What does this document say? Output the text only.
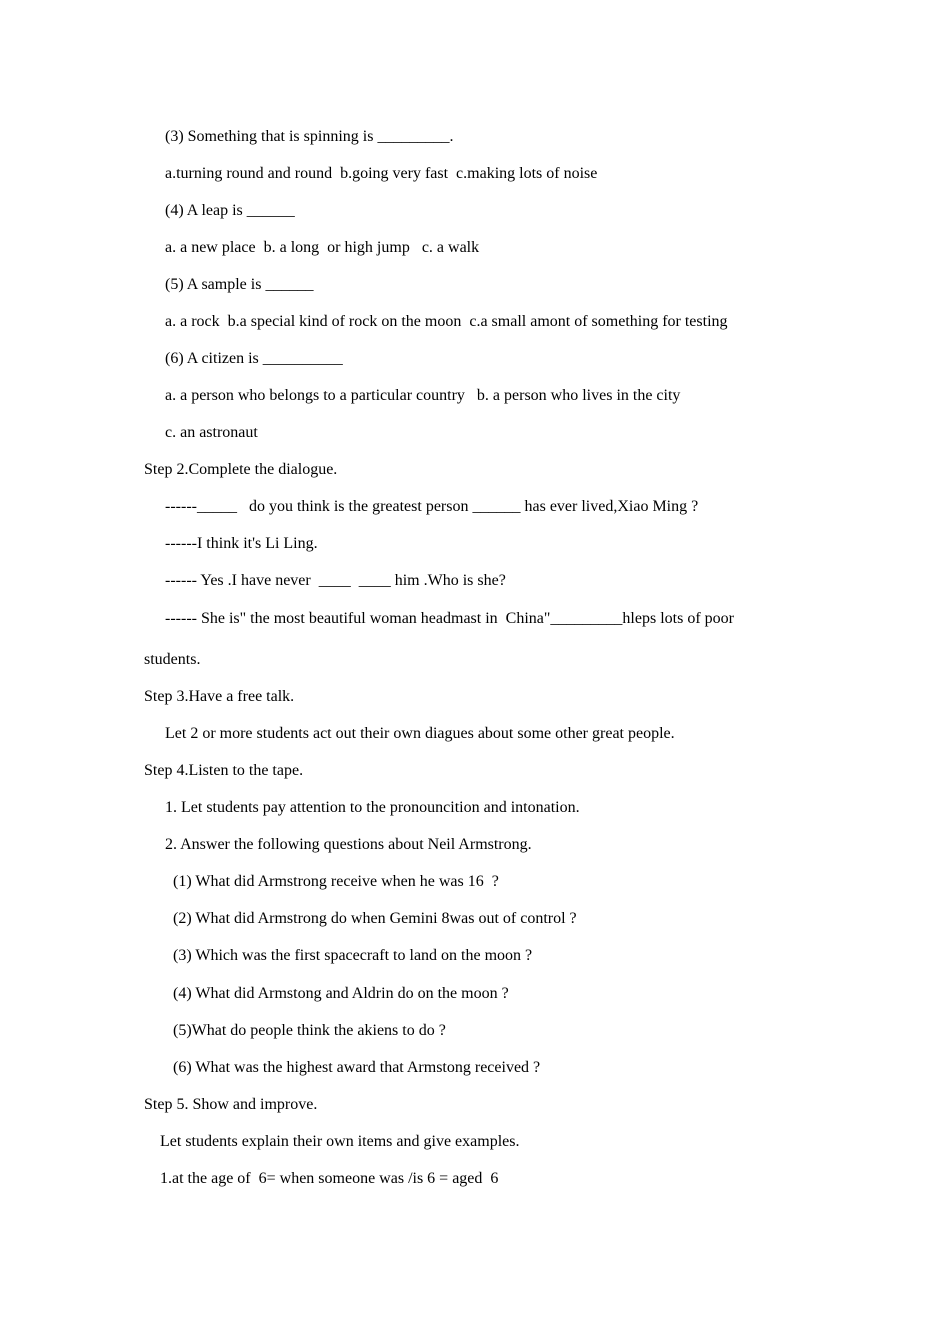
(3) Something that is spinning is _________.
a.turning round and round  b.going very fast  c.making lots of noise
(4) A leap is ______
a. a new place  b. a long  or high jump   c. a walk
(5) A sample is ______
a. a rock  b.a special kind of rock on the moon  c.a small amont of something for testing
(6) A citizen is __________
a. a person who belongs to a particular country   b. a person who lives in the city
c. an astronaut
Step 2.Complete the dialogue.
------_____   do you think is the greatest person ______ has ever lived,Xiao Ming ?
------I think it's Li Ling.
------ Yes .I have never  ____  ____ him .Who is she?
------ She is" the most beautiful woman headmast in  China"_________hleps lots of poor
students.
Step 3.Have a free talk.
Let 2 or more students act out their own diagues about some other great people.
Step 4.Listen to the tape.
1. Let students pay attention to the pronouncition and intonation.
2. Answer the following questions about Neil Armstrong.
(1) What did Armstrong receive when he was 16  ?
(2) What did Armstrong do when Gemini 8was out of control ?
(3) Which was the first spacecraft to land on the moon ?
(4) What did Armstong and Aldrin do on the moon ?
(5)What do people think the akiens to do ?
(6) What was the highest award that Armstong received ?
Step 5. Show and improve.
Let students explain their own items and give examples.
1.at the age of  6= when someone was /is 6 = aged  6
